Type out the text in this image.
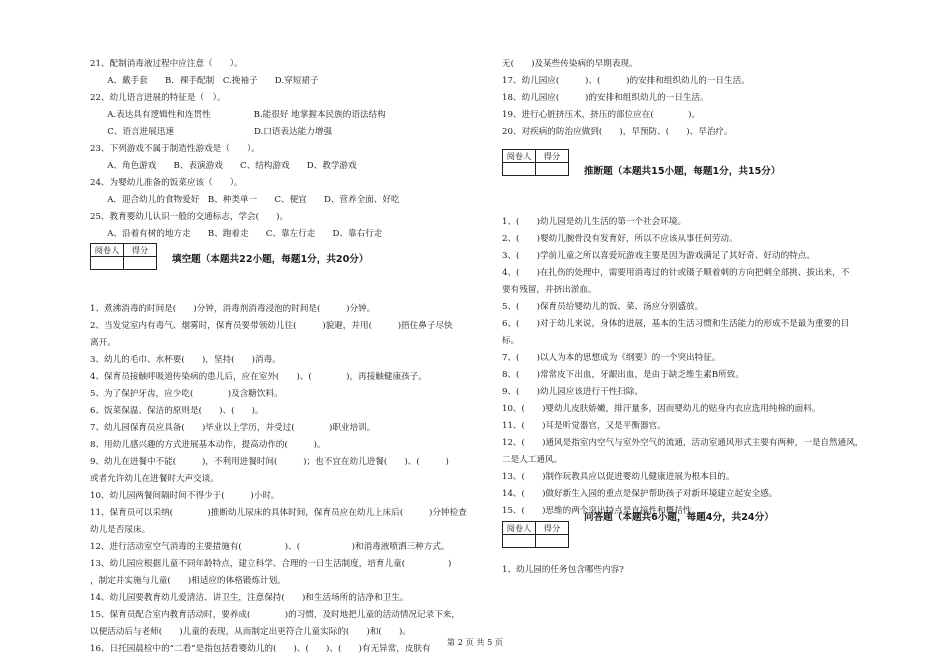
21、配制消毒液过程中应注意（　　）。
　　A、戴手套　　B．裸手配制　C.挽袖子　　D.穿短裙子
22、幼儿语言进展的特征是（　）。
　　A.表达具有逻辑性和连贯性　　　　　B.能很好 地掌握本民族的语法结构
　　C、语言进展迅速　　　　　　　　　 D.口语表达能力增强
23、下列游戏不属于制造性游戏是（　　）。
　　A、角色游戏　　B、表演游戏　　C、结构游戏　　D、教学游戏
24、为婴幼儿准备的饭菜应该（　　）。
　　A．迎合幼儿的食物爱好　B、种类单一　　C、便宜　　D、营养全面、好吃
25、教育婴幼儿认识一般的交通标志，学会(　　)。
　　A、沿着有树的地方走　　B、跑着走　　C、靠左行走　　D、靠右行走
阅卷人	得分

填空题（本题共22小题，每题1分，共20分）
1、煮沸消毒的时间是(　　)分钟，消毒剂消毒浸泡的时间是(　　　)分钟。
2、当发觉室内有毒气、烟雾时，保育员要带领幼儿往(　　　)貌避，并用(　　　)捂住鼻子尽快
离开。
3、幼儿的毛巾、水杯要(　　)，坚持(　　)消毒。
4、保育员接触呼吸道传染病的患儿后，应在室外(　　)、(　　　　)，再接触健康孩子。
5、为了保护牙齿，应少吃(　　　　)及含糖饮料。
6、饭菜保温、保洁的原则是(　　)、(　　)。
7、幼儿园保育员应具备(　　)毕业以上学历，并受过(　　　　)职业培训。
8、用幼儿感兴趣的方式进展基本动作，提高动作的(　　　)。
9、幼儿在进餐中不能(　　　)，不利用进餐时间(　　　)；也不宜在幼儿进餐(　　)、(　　　)
或者允许幼儿在进餐时大声交谈。
10、幼儿园两餐间隔时间不得少于(　　　)小时。
11、保育员可以采纳(　　　　)推断幼儿尿床的具体时间，保育员应在幼儿上床后(　　　)分钟检查
幼儿是否尿床。
12、进行活动室空气消毒的主要措施有(　　　　　)、(　　　　　　)和消毒液喷洒三种方式。
13、幼儿园应根据儿童不同年龄特点，建立科学、合理的一日生活制度，培育儿童(　　　　　)
，制定并实施与儿童(　　)相适应的体格锻炼计划。
14、幼儿园要教育幼儿爱清洁、讲卫生，注意保持(　　)和生活场所的洁净和卫生。
15、保育员配合室内教育活动时，要养成(　　　　)的习惯，及时地把儿童的活动情况记录下来，
以便活动后与老师(　　)儿童的表现，从而制定出更符合儿童实际的(　　)和(　　)。
16、日托园晨检中的“二看”是指包括看婴幼儿的(　　)、(　　)、(　　)有无异常，皮肤有
无(　　)及某些传染病的早期表现。
17、幼儿园应(　　　)、(　　　)的安排和组织幼儿的一日生活。
18、幼儿园应(　　　)的安排和组织幼儿的一日生活。
19、进行心脏挤压术，挤压的部位应在(　　　　)。
20、对疾病的防治应做到(　　)，早预防、(　　)、早治疗。
阅卷人	得分

推断题（本题共15小题，每题1分，共15分）
1、(　　)幼儿园是幼儿生活的第一个社会环境。
2、(　　)婴幼儿腕骨没有发育好，所以不应该从事任何劳动。
3、(　　)学前儿童之所以喜爱玩游戏主要是因为游戏满足了其好奇、好动的特点。
4、(　　)在扎伤的处理中，需要用消毒过的针或镊子顺着刺的方向把刺全部挑、拔出来，不
要有残留，并挤出淤血。
5、(　　)保育员给婴幼儿的饭、菜、汤应分别盛放。
6、(　　)对于幼儿来说，身体的进展，基本的生活习惯和生活能力的形成不是最为重要的目
标。
7、(　　)以人为本的思想成为《纲要》的一个突出特征。
8、(　　)常常皮下出血，牙龈出血，是由于缺乏维生素B所致。
9、(　　)幼儿园应该进行干性扫除。
10、(　　)婴幼儿皮肤娇嫩，排汗量多，因而婴幼儿的贴身内衣应选用纯棉的面料。
11、(　　)耳是听觉器官，又是平衡器官。
12、(　　)通风是指室内空气与室外空气的流通，活动室通风形式主要有两种，一是自然通风，
二是人工通风。
13、(　　)制作玩教具应以促进婴幼儿健康进展为根本目的。
14、(　　)做好新生入园的重点是保护帮助孩子对新环境建立起安全感。
15、(　　)思维的两个突出特点是直接性和概括性。
阅卷人	得分

问答题（本题共6小题，每题4分，共24分）
1、幼儿园的任务包含哪些内容?
第 2 页 共 5 页
